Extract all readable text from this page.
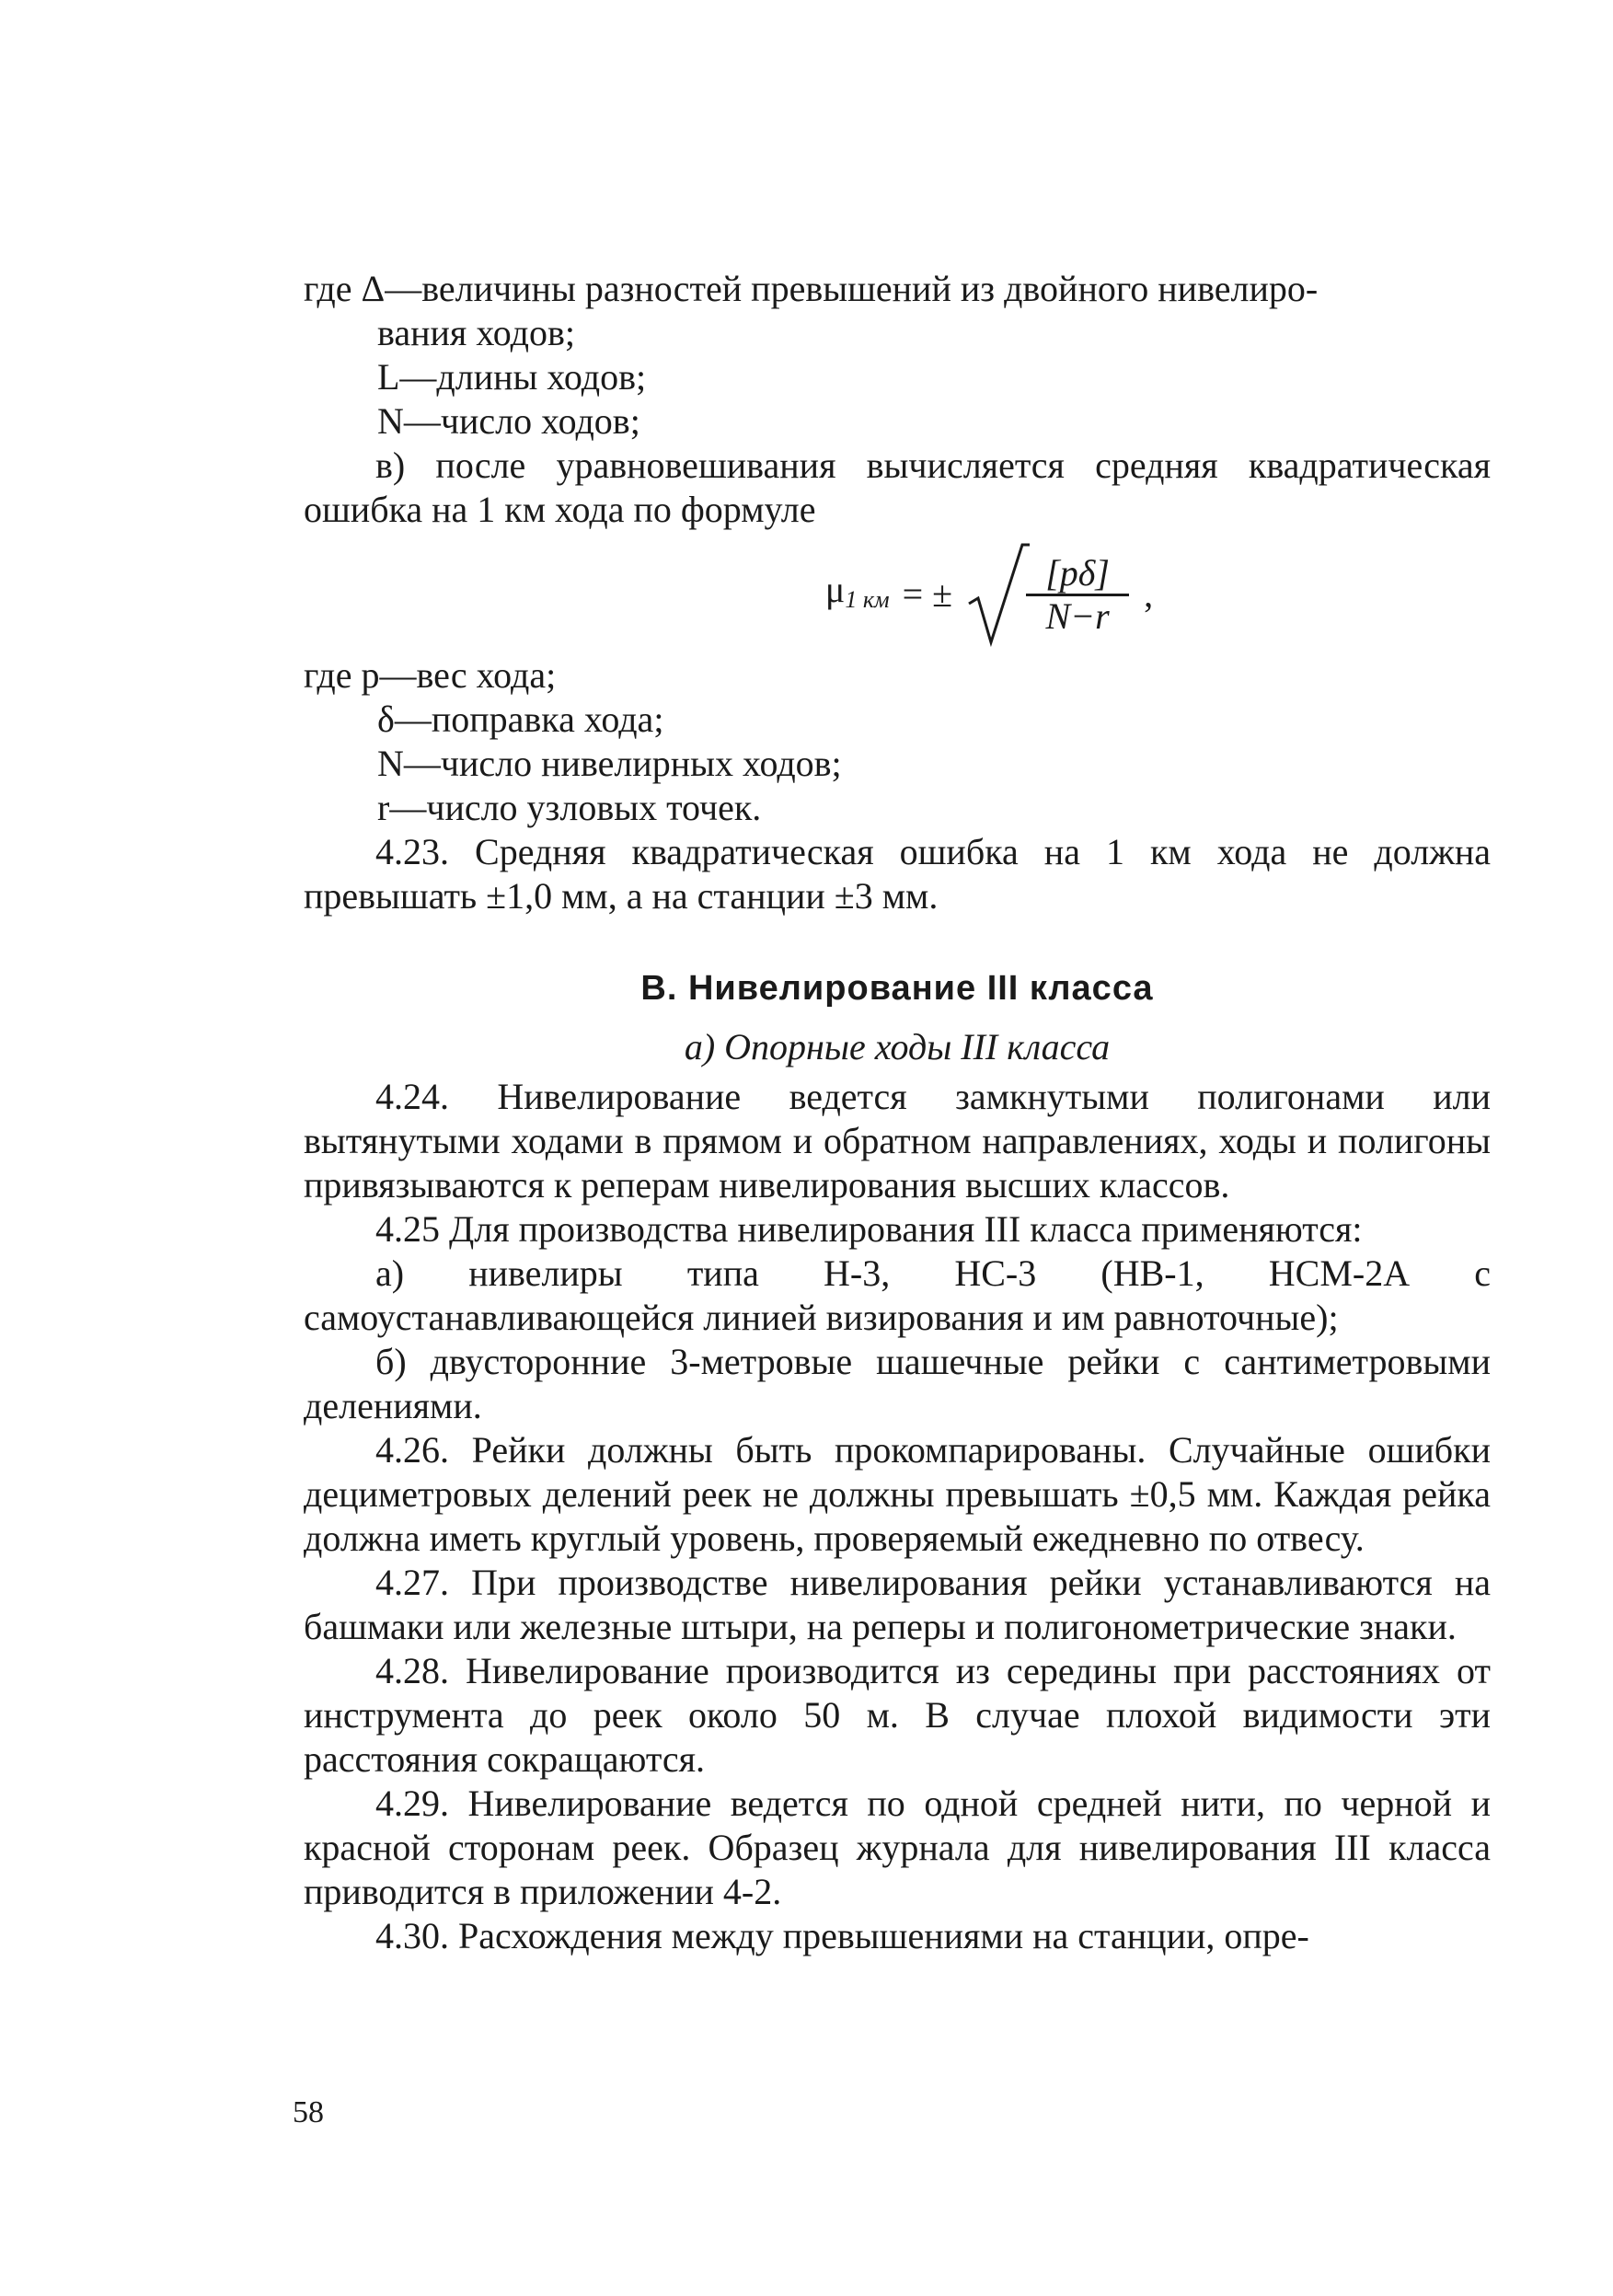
где Δ—величины разностей превышений из двойного нивелиро-

вания ходов;

L—длины ходов;

N—число ходов;

в) после уравновешивания вычисляется средняя квадратическая ошибка на 1 км хода по формуле

$\mu_{1 км}$ = ± $\frac{[p\delta]}{N-r}$ ,

где p—вес хода;

δ—поправка хода;

N—число нивелирных ходов;

r—число узловых точек.

4.23. Средняя квадратическая ошибка на 1 км хода не должна превышать ±1,0 мм, а на станции ±3 мм.

В. Нивелирование III класса
а) Опорные ходы III класса

4.24. Нивелирование ведется замкнутыми полигонами или вытянутыми ходами в прямом и обратном направлениях, ходы и полигоны привязываются к реперам нивелирования высших классов.

4.25 Для производства нивелирования III класса применяются:

а) нивелиры типа Н-3, НС-3 (НВ-1, НСМ-2А с самоустанавливающейся линией визирования и им равноточные);

б) двусторонние 3-метровые шашечные рейки с сантиметровыми делениями.

4.26. Рейки должны быть прокомпарированы. Случайные ошибки дециметровых делений реек не должны превышать ±0,5 мм. Каждая рейка должна иметь круглый уровень, проверяемый ежедневно по отвесу.

4.27. При производстве нивелирования рейки устанавливаются на башмаки или железные штыри, на реперы и полигонометрические знаки.

4.28. Нивелирование производится из середины при расстояниях от инструмента до реек около 50 м. В случае плохой видимости эти расстояния сокращаются.

4.29. Нивелирование ведется по одной средней нити, по черной и красной сторонам реек. Образец журнала для нивелирования III класса приводится в приложении 4-2.

4.30. Расхождения между превышениями на станции, опре-

58
